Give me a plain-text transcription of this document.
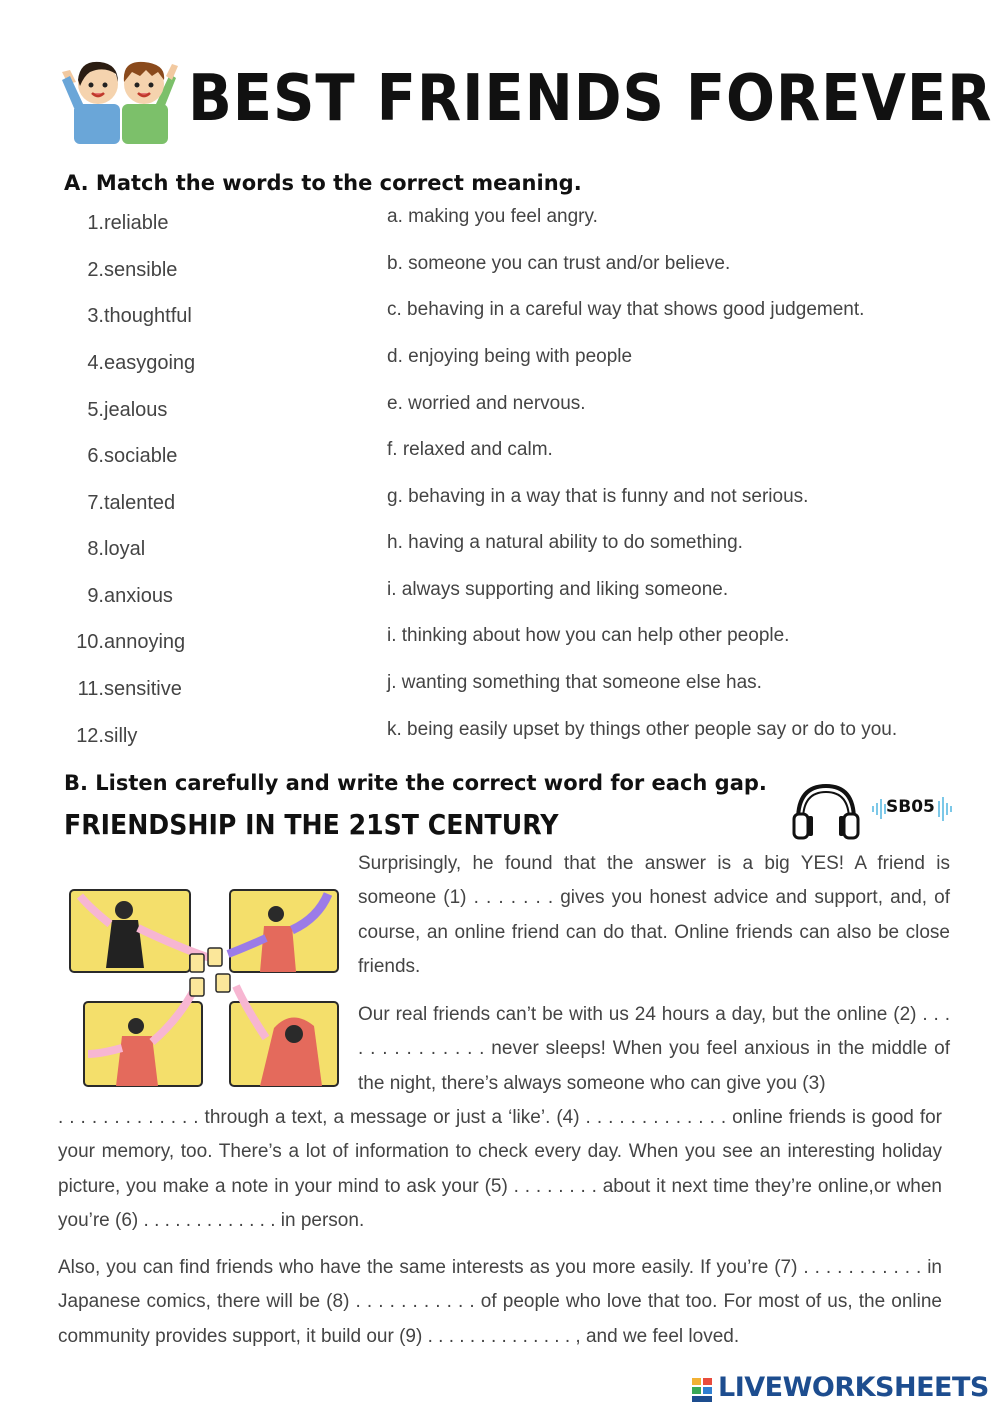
BEST FRIENDS FOREVER
A. Match the words to the correct meaning.
1.reliable
2.sensible
3.thoughtful
4.easygoing
5.jealous
6.sociable
7.talented
8.loyal
9.anxious
10.annoying
11.sensitive
12.silly
a. making you feel angry.
b. someone you can trust and/or believe.
c. behaving in a careful way that shows good judgement.
d. enjoying being with people
e. worried and nervous.
f. relaxed and calm.
g. behaving in a way that is funny and not serious.
h. having a natural ability to do something.
i. always supporting and liking someone.
i. thinking about how you can help other people.
j. wanting something that someone else has.
k. being easily upset by things other people say or do to you.
B. Listen carefully and write the correct word for each gap.
FRIENDSHIP IN THE 21ST CENTURY
SB05

Surprisingly, he found that the answer is a big YES! A friend is someone (1) . . . . . . . gives you honest advice and support, and, of course, an online friend can do that. Online friends can also be close friends.

Our real friends can’t be with us 24 hours a day, but the online (2) . . . . . . . . . . . . . . never sleeps! When you feel anxious in the middle of the night, there’s always someone who can give you (3)

. . . . . . . . . . . . . through a text, a message or just a ‘like’. (4) . . . . . . . . . . . . . online friends is good for your memory, too. There’s a lot of information to check every day. When you see an interesting holiday picture, you make a note in your mind to ask your (5) . . . . . . . . about it next time they’re online,or when you’re (6) . . . . . . . . . . . . . in person.

Also, you can find friends who have the same interests as you more easily. If you’re (7) . . . . . . . . . . . in Japanese comics, there will be (8) . . . . . . . . . . . of people who love that too. For most of us, the online community provides support, it build our (9) . . . . . . . . . . . . . . , and we feel loved.

LIVEWORKSHEETS
